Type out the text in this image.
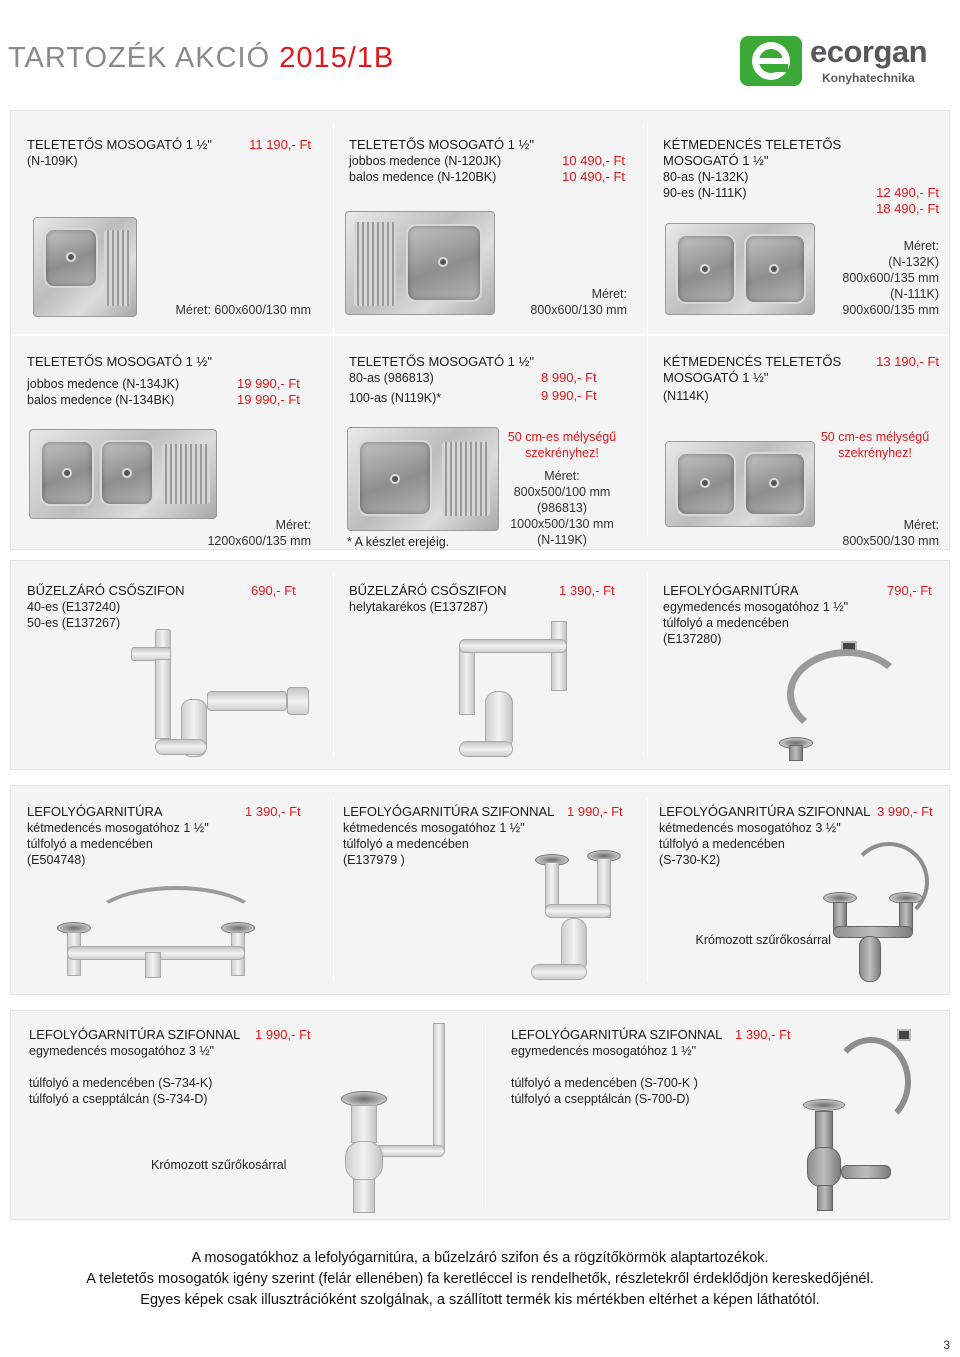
TARTOZÉK AKCIÓ 2015/1B	ecorgan
Konyhatechnika
TELETETŐS MOSOGATÓ 1 ½"
(N-109K)
11 190,- Ft
Méret: 600x600/130 mm
TELETETŐS MOSOGATÓ 1 ½"
jobbos medence (N-120JK)
balos medence (N-120BK)
10 490,- Ft
10 490,- Ft
Méret:
800x600/130 mm
KÉTMEDENCÉS TELETETŐS
MOSOGATÓ 1 ½"
80-as (N-132K)
90-es (N-111K)	12 490,- Ft
18 490,- Ft
Méret:
(N-132K)
800x600/135 mm
(N-111K)
900x600/135 mm
TELETETŐS MOSOGATÓ 1 ½"
jobbos medence (N-134JK)
balos medence (N-134BK)
19 990,- Ft
19 990,- Ft
Méret:
1200x600/135 mm
TELETETŐS MOSOGATÓ 1 ½"
80-as (986813)
100-as (N119K)*
8 990,- Ft
9 990,- Ft
50 cm-es mélységű szekrényhez!
Méret:
800x500/100 mm
(986813)
1000x500/130 mm
(N-119K)
* A készlet erejéig.
KÉTMEDENCÉS TELETETŐS
MOSOGATÓ 1 ½"
(N114K)
13 190,- Ft
50 cm-es mélységű szekrényhez!
Méret:
800x500/130 mm
BŰZELZÁRÓ CSŐSZIFON
40-es (E137240)
50-es (E137267)
690,- Ft	BŰZELZÁRÓ CSŐSZIFON
helytakarékos (E137287)
1 390,- Ft	LEFOLYÓGARNITÚRA
egymedencés mosogatóhoz 1 ½"
túlfolyó a medencében
(E137280)
790,- Ft
LEFOLYÓGARNITÚRA
kétmedencés mosogatóhoz 1 ½"
túlfolyó a medencében
(E504748)
1 390,- Ft	LEFOLYÓGARNITÚRA SZIFONNAL
kétmedencés mosogatóhoz 1 ½"
túlfolyó a medencében
(E137979 )
1 990,- Ft	LEFOLYÓGANRITÚRA SZIFONNAL
kétmedencés mosogatóhoz 3 ½"
túlfolyó a medencében
(S-730-K2)
3 990,- Ft
Krómozott szűrőkosárral
LEFOLYÓGARNITÚRA SZIFONNAL
egymedencés mosogatóhoz 3 ½"
túlfolyó a medencében (S-734-K)
túlfolyó a csepptálcán (S-734-D)
1 990,- Ft
Krómozott szűrőkosárral
LEFOLYÓGARNITÚRA SZIFONNAL
egymedencés mosogatóhoz 1 ½"
túlfolyó a medencében (S-700-K )
túlfolyó a csepptálcán (S-700-D)
1 390,- Ft
A mosogatókhoz a lefolyógarnitúra, a bűzelzáró szifon és a rögzítőkörmök alaptartozékok.
A teletetős mosogatók igény szerint (felár ellenében) fa keretléccel is rendelhetők, részletekről érdeklődjön kereskedőjénél.
Egyes képek csak illusztrációként szolgálnak, a szállított termék kis mértékben eltérhet a képen láthatótól.
3
